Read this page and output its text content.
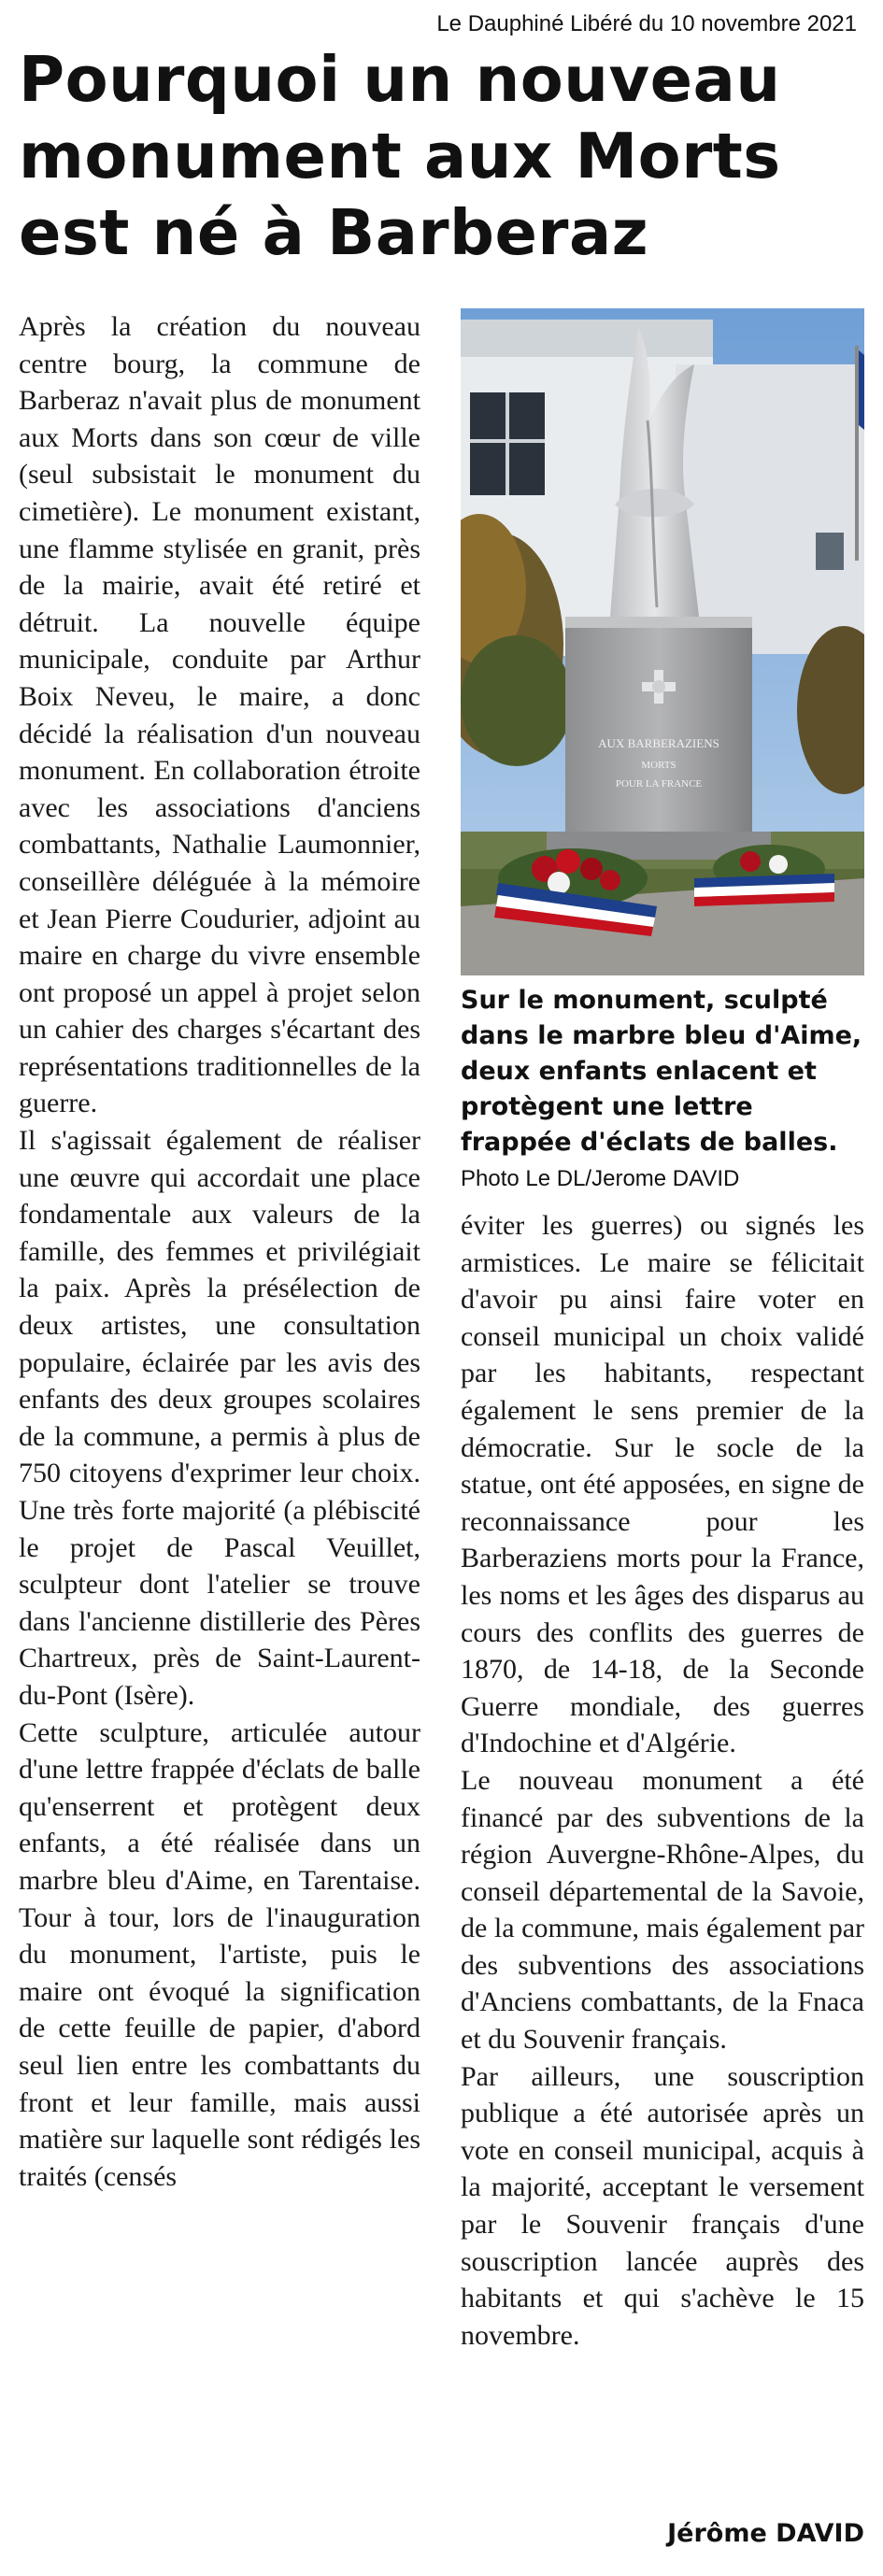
Le Dauphiné Libéré du 10 novembre 2021
Pourquoi un nouveau
monument aux Morts
est né à Barberaz

Après la création du nouveau centre bourg, la commune de Barberaz n'avait plus de monument aux Morts dans son cœur de ville (seul subsistait le monument du cimetière). Le monument existant, une flamme stylisée en granit, près de la mairie, avait été retiré et détruit. La nouvelle équipe municipale, conduite par Arthur Boix Neveu, le maire, a donc décidé la réalisation d'un nouveau monument. En collaboration étroite avec les associations d'anciens combattants, Nathalie Laumonnier, conseillère déléguée à la mémoire et Jean Pierre Coudurier, adjoint au maire en charge du vivre ensemble ont proposé un appel à projet selon un cahier des charges s'écartant des représentations traditionnelles de la guerre.

Il s'agissait également de réaliser une œuvre qui accordait une place fondamentale aux valeurs de la famille, des femmes et privilégiait la paix. Après la présélection de deux artistes, une consultation populaire, éclairée par les avis des enfants des deux groupes scolaires de la commune, a permis à plus de 750 citoyens d'exprimer leur choix. Une très forte majorité (a plébiscité le projet de Pascal Veuillet, sculpteur dont l'atelier se trouve dans l'ancienne distillerie des Pères Chartreux, près de Saint-Laurent-du-Pont (Isère).

Cette sculpture, articulée autour d'une lettre frappée d'éclats de balle qu'enserrent et protègent deux enfants, a été réalisée dans un marbre bleu d'Aime, en Tarentaise. Tour à tour, lors de l'inauguration du monument, l'artiste, puis le maire ont évoqué la signification de cette feuille de papier, d'abord seul lien entre les combattants du front et leur famille, mais aussi matière sur laquelle sont rédigés les traités (censés

AUX BARBERAZIENS
MORTS
POUR LA FRANCE
Sur le monument, sculpté dans le marbre bleu d'Aime, deux enfants enlacent et protègent une lettre frappée d'éclats de balles. Photo Le DL/Jerome DAVID

éviter les guerres) ou signés les armistices. Le maire se félicitait d'avoir pu ainsi faire voter en conseil municipal un choix validé par les habitants, respectant également le sens premier de la démocratie. Sur le socle de la statue, ont été apposées, en signe de reconnaissance pour les Barberaziens morts pour la France, les noms et les âges des disparus au cours des conflits des guerres de 1870, de 14-18, de la Seconde Guerre mondiale, des guerres d'Indochine et d'Algérie.

Le nouveau monument a été financé par des subventions de la région Auvergne-Rhône-Alpes, du conseil départemental de la Savoie, de la commune, mais également par des subventions des associations d'Anciens combattants, de la Fnaca et du Souvenir français.

Par ailleurs, une souscription publique a été autorisée après un vote en conseil municipal, acquis à la majorité, acceptant le versement par le Souvenir français d'une souscription lancée auprès des habitants et qui s'achève le 15 novembre.

Jérôme DAVID
